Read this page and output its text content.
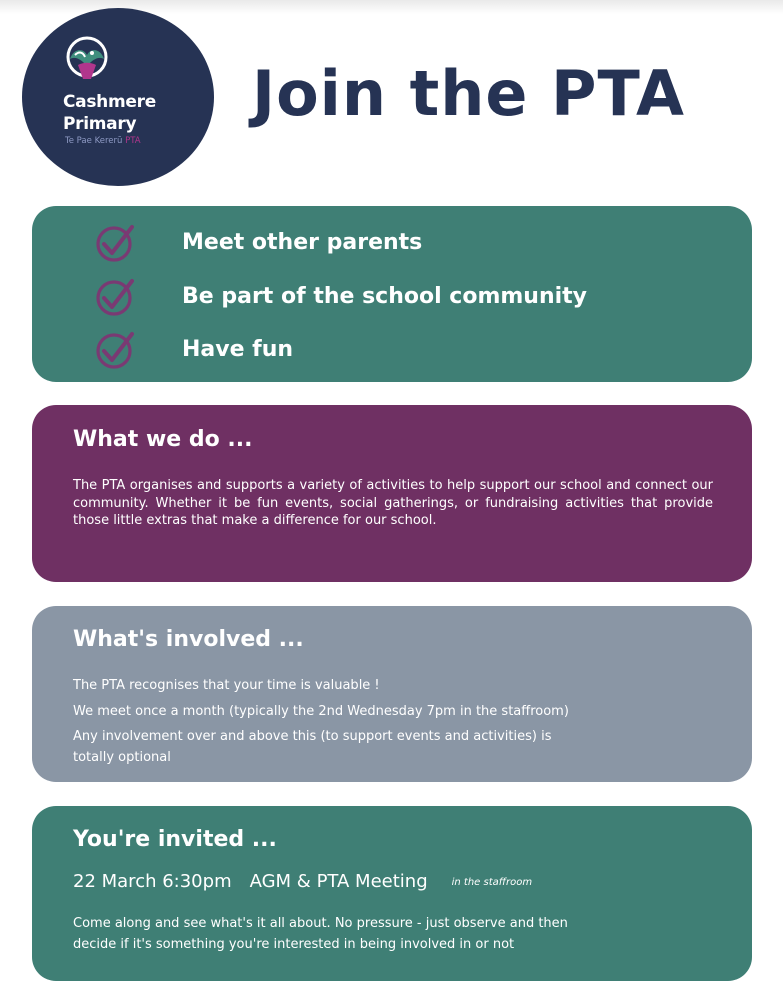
Cashmere
Primary
Te Pae Kererū PTA
Join the PTA
Meet other parents
Be part of the school community
Have fun
What we do ...

The PTA organises and supports a variety of activities to help support our school and connect our community. Whether it be fun events, social gatherings, or fundraising activities that provide those little extras that make a difference for our school.

What's involved ...

The PTA recognises that your time is valuable !

We meet once a month (typically the 2nd Wednesday 7pm in the staffroom)

Any involvement over and above this (to support events and activities) is

totally optional

You're invited ...
22 March 6:30pm AGM & PTA Meeting in the staffroom

Come along and see what's it all about. No pressure - just observe and then

decide if it's something you're interested in being involved in or not
